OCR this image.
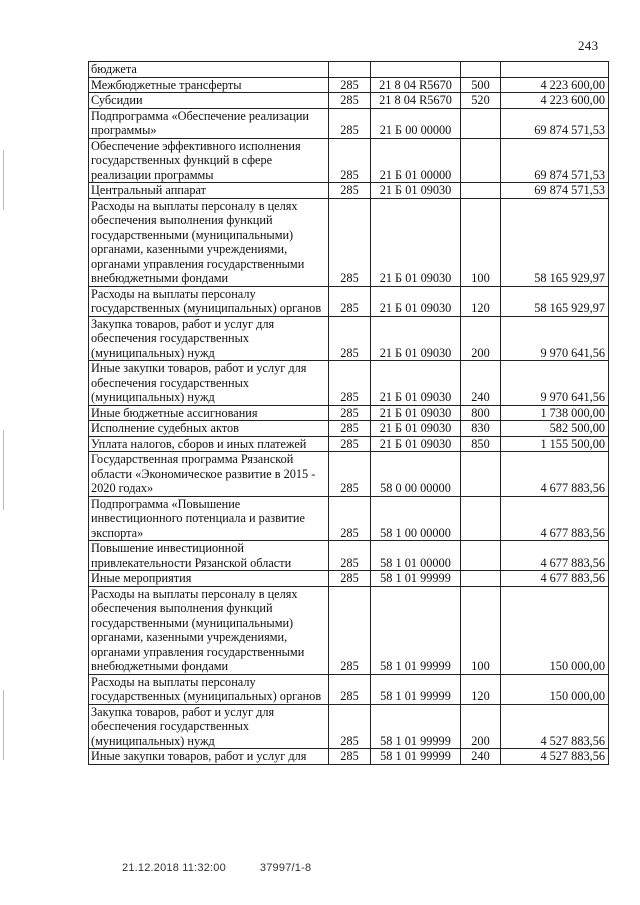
243
бюджета				
Межбюджетные трансферты	285	21 8 04 R5670	500	4 223 600,00
Субсидии	285	21 8 04 R5670	520	4 223 600,00
Подпрограмма «Обеспечение реализации программы»	285	21 Б 00 00000		69 874 571,53
Обеспечение эффективного исполнения государственных функций в сфере реализации программы	285	21 Б 01 00000		69 874 571,53
Центральный аппарат	285	21 Б 01 09030		69 874 571,53
Расходы на выплаты персоналу в целях обеспечения выполнения функций государственными (муниципальными) органами, казенными учреждениями, органами управления государственными внебюджетными фондами	285	21 Б 01 09030	100	58 165 929,97
Расходы на выплаты персоналу государственных (муниципальных) органов	285	21 Б 01 09030	120	58 165 929,97
Закупка товаров, работ и услуг для обеспечения государственных (муниципальных) нужд	285	21 Б 01 09030	200	9 970 641,56
Иные закупки товаров, работ и услуг для обеспечения государственных (муниципальных) нужд	285	21 Б 01 09030	240	9 970 641,56
Иные бюджетные ассигнования	285	21 Б 01 09030	800	1 738 000,00
Исполнение судебных актов	285	21 Б 01 09030	830	582 500,00
Уплата налогов, сборов и иных платежей	285	21 Б 01 09030	850	1 155 500,00
Государственная программа Рязанской области «Экономическое развитие в 2015 - 2020 годах»	285	58 0 00 00000		4 677 883,56
Подпрограмма «Повышение инвестиционного потенциала и развитие экспорта»	285	58 1 00 00000		4 677 883,56
Повышение инвестиционной привлекательности Рязанской области	285	58 1 01 00000		4 677 883,56
Иные мероприятия	285	58 1 01 99999		4 677 883,56
Расходы на выплаты персоналу в целях обеспечения выполнения функций государственными (муниципальными) органами, казенными учреждениями, органами управления государственными внебюджетными фондами	285	58 1 01 99999	100	150 000,00
Расходы на выплаты персоналу государственных (муниципальных) органов	285	58 1 01 99999	120	150 000,00
Закупка товаров, работ и услуг для обеспечения государственных (муниципальных) нужд	285	58 1 01 99999	200	4 527 883,56
Иные закупки товаров, работ и услуг для	285	58 1 01 99999	240	4 527 883,56
21.12.2018 11:32:00	37997/1-8
